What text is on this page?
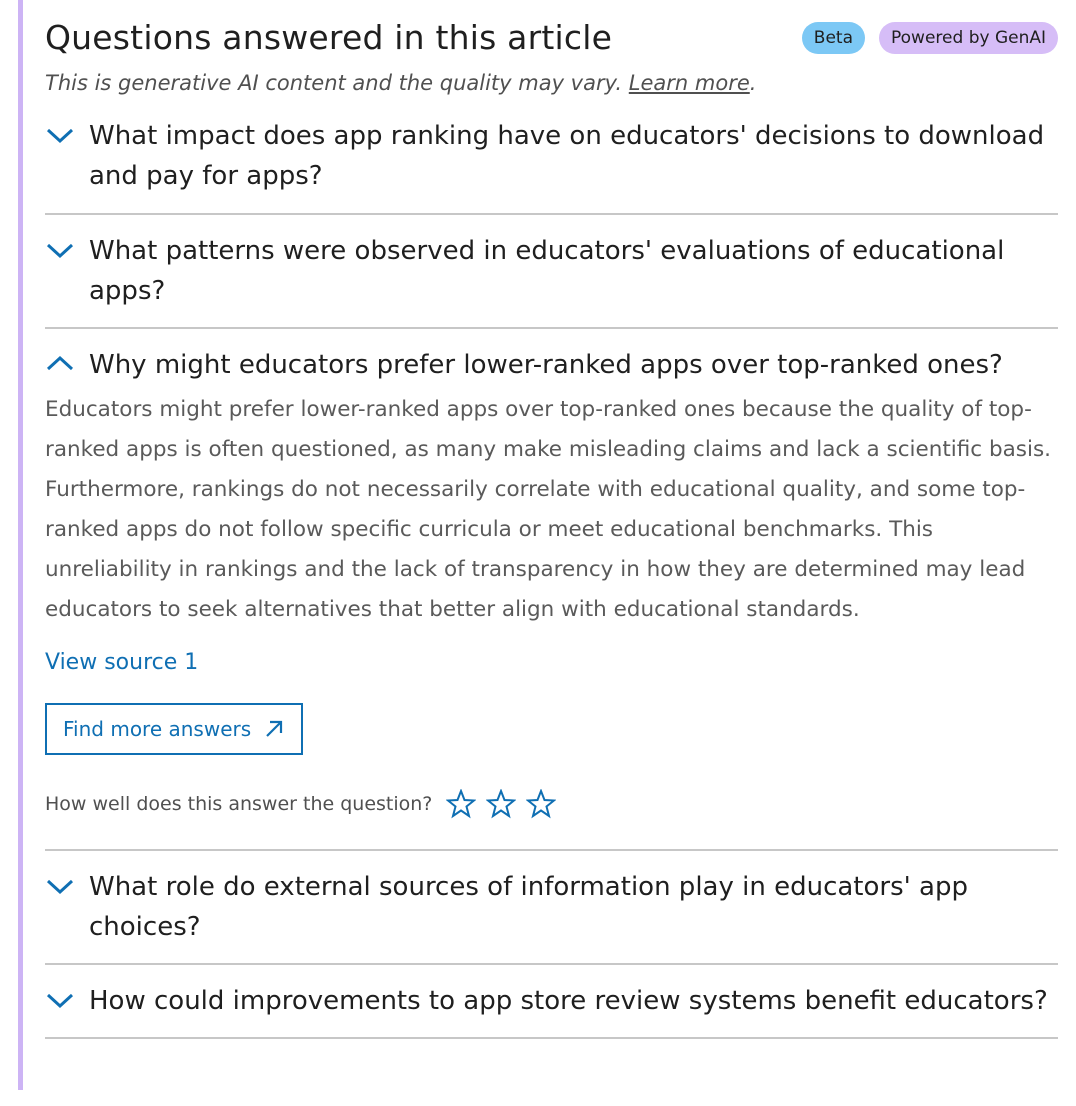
Questions answered in this article	Beta	Powered by GenAI
This is generative AI content and the quality may vary. Learn more.
What impact does app ranking have on educators' decisions to download and pay for apps?
What patterns were observed in educators' evaluations of educational apps?
Why might educators prefer lower-ranked apps over top-ranked ones?
Educators might prefer lower-ranked apps over top-ranked ones because the quality of top-ranked apps is often questioned, as many make misleading claims and lack a scientific basis. Furthermore, rankings do not necessarily correlate with educational quality, and some top-ranked apps do not follow specific curricula or meet educational benchmarks. This unreliability in rankings and the lack of transparency in how they are determined may lead educators to seek alternatives that better align with educational standards.
View source 1
Find more answers
How well does this answer the question?
What role do external sources of information play in educators' app choices?
How could improvements to app store review systems benefit educators?
